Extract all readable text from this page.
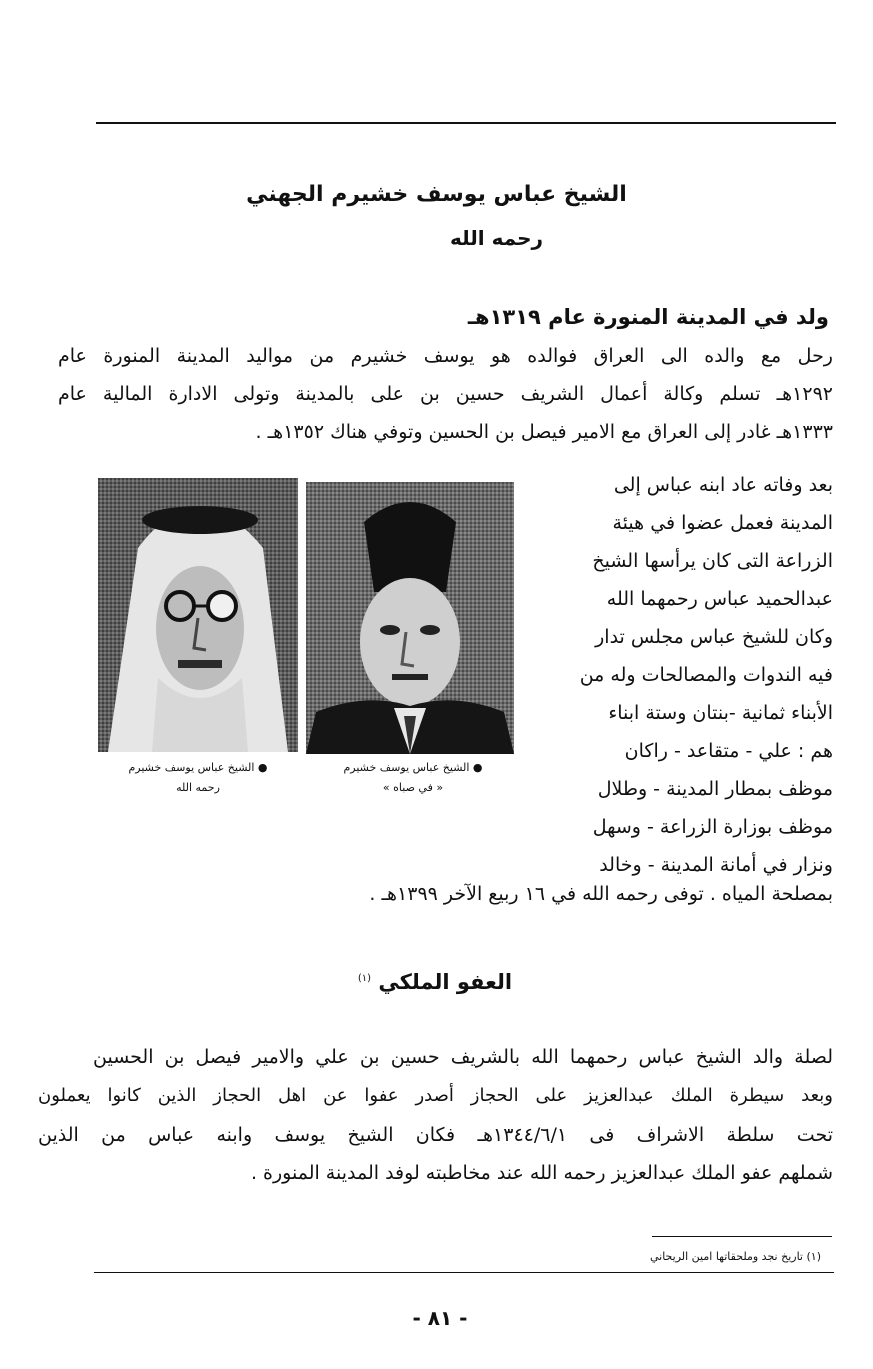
الشيخ عباس يوسف خشيرم الجهني
رحمه الله
ولد في المدينة المنورة عام ١٣١٩هـ
رحل مع والده الى العراق فوالده هو يوسف خشيرم من مواليد المدينة المنورة عام
١٢٩٢هـ تسلم وكالة أعمال الشريف حسين بن على بالمدينة وتولى الادارة المالية عام
١٣٣٣هـ غادر إلى العراق مع الامير فيصل بن الحسين وتوفي هناك ١٣٥٢هـ .
بعد وفاته عاد ابنه عباس إلى
المدينة فعمل عضوا في هيئة
الزراعة التى كان يرأسها الشيخ
عبدالحميد عباس رحمهما الله
وكان للشيخ عباس مجلس تدار
فيه الندوات والمصالحات وله من
الأبناء ثمانية -بنتان وستة ابناء
هم : علي - متقاعد - راكان
موظف بمطار المدينة - وطلال
موظف بوزارة الزراعة - وسهل
ونزار في أمانة المدينة - وخالد
بمصلحة المياه . توفى رحمه الله في ١٦ ربيع الآخر ١٣٩٩هـ .
● الشيخ عباس يوسف خشيرم
« في صباه »
● الشيخ عباس يوسف خشيرم
رحمه الله
العفو الملكي $^{(١)}$
لصلة والد الشيخ عباس رحمهما الله بالشريف حسين بن علي والامير فيصل بن الحسين
وبعد سيطرة الملك عبدالعزيز على الحجاز أصدر عفوا عن اهل الحجاز الذين كانوا يعملون
تحت سلطة الاشراف فى ١٣٤٤/٦/١هـ فكان الشيخ يوسف وابنه عباس من الذين
شملهم عفو الملك عبدالعزيز رحمه الله عند مخاطبته لوفد المدينة المنورة .
(١) تاريخ نجد وملحقاتها امين الريحاني
- ٨١ -
